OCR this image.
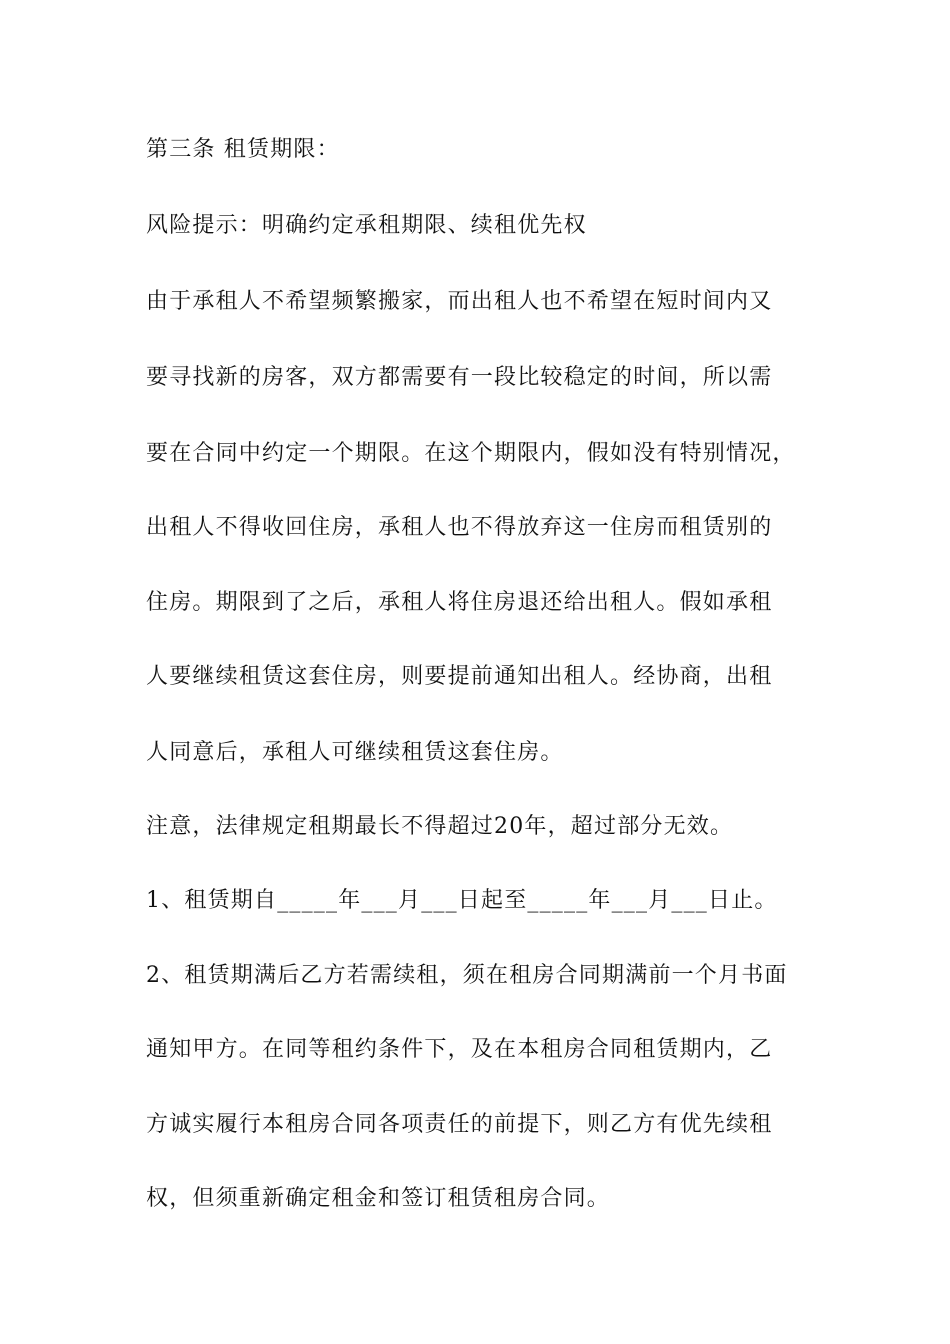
第三条 租赁期限：
风险提示：明确约定承租期限、续租优先权
由于承租人不希望频繁搬家，而出租人也不希望在短时间内又
要寻找新的房客，双方都需要有一段比较稳定的时间，所以需
要在合同中约定一个期限。在这个期限内，假如没有特别情况，
出租人不得收回住房，承租人也不得放弃这一住房而租赁别的
住房。期限到了之后，承租人将住房退还给出租人。假如承租
人要继续租赁这套住房，则要提前通知出租人。经协商，出租
人同意后，承租人可继续租赁这套住房。
注意，法律规定租期最长不得超过20年，超过部分无效。
1、租赁期自_____年___月___日起至_____年___月___日止。
2、租赁期满后乙方若需续租，须在租房合同期满前一个月书面
通知甲方。在同等租约条件下，及在本租房合同租赁期内，乙
方诚实履行本租房合同各项责任的前提下，则乙方有优先续租
权，但须重新确定租金和签订租赁租房合同。
